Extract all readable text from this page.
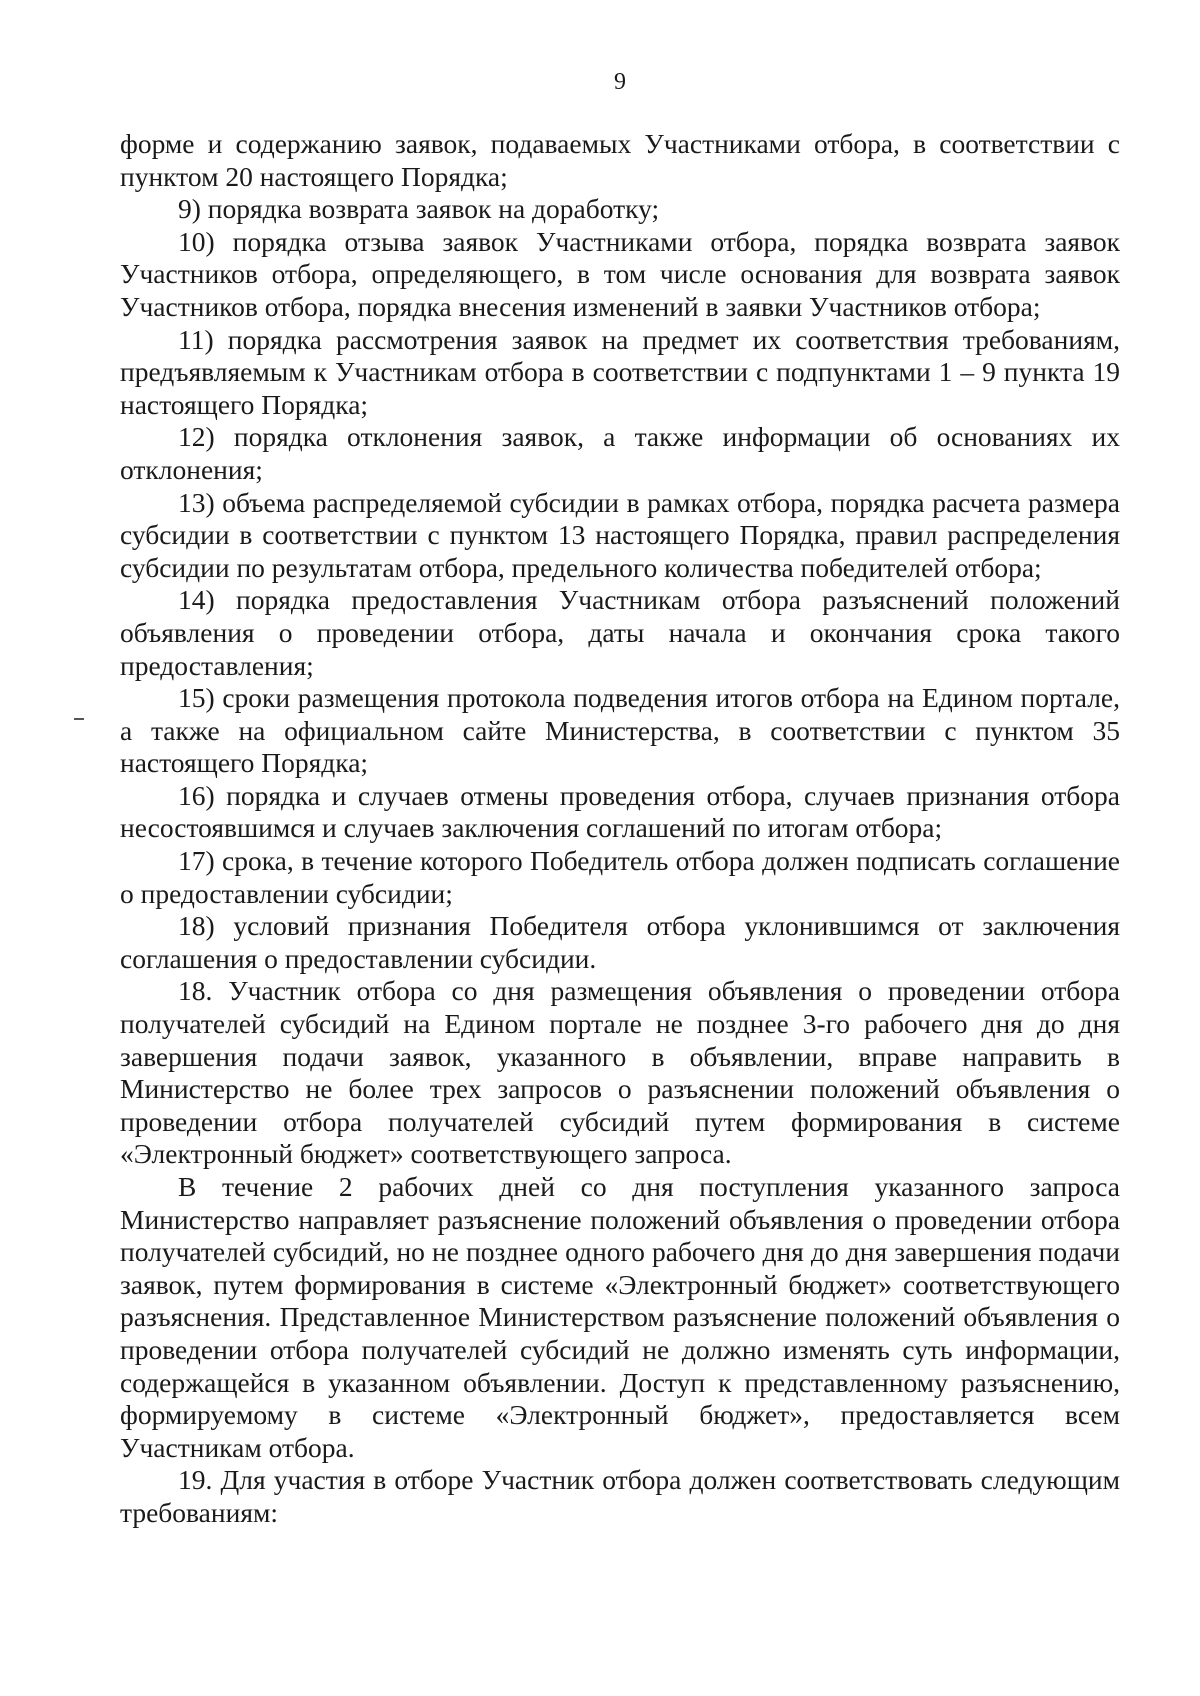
9

форме и содержанию заявок, подаваемых Участниками отбора, в соответствии с пунктом 20 настоящего Порядка;

9) порядка возврата заявок на доработку;

10) порядка отзыва заявок Участниками отбора, порядка возврата заявок Участников отбора, определяющего, в том числе основания для возврата заявок Участников отбора, порядка внесения изменений в заявки Участников отбора;

11) порядка рассмотрения заявок на предмет их соответствия требованиям, предъявляемым к Участникам отбора в соответствии с подпунктами 1 – 9 пункта 19 настоящего Порядка;

12) порядка отклонения заявок, а также информации об основаниях их отклонения;

13) объема распределяемой субсидии в рамках отбора, порядка расчета размера субсидии в соответствии с пунктом 13 настоящего Порядка, правил распределения субсидии по результатам отбора, предельного количества победителей отбора;

14) порядка предоставления Участникам отбора разъяснений положений объявления о проведении отбора, даты начала и окончания срока такого предоставления;

15) сроки размещения протокола подведения итогов отбора на Едином портале, а также на официальном сайте Министерства, в соответствии с пунктом 35 настоящего Порядка;

16) порядка и случаев отмены проведения отбора, случаев признания отбора несостоявшимся и случаев заключения соглашений по итогам отбора;

17) срока, в течение которого Победитель отбора должен подписать соглашение о предоставлении субсидии;

18) условий признания Победителя отбора уклонившимся от заключения соглашения о предоставлении субсидии.

18. Участник отбора со дня размещения объявления о проведении отбора получателей субсидий на Едином портале не позднее 3-го рабочего дня до дня завершения подачи заявок, указанного в объявлении, вправе направить в Министерство не более трех запросов о разъяснении положений объявления о проведении отбора получателей субсидий путем формирования в системе «Электронный бюджет» соответствующего запроса.

В течение 2 рабочих дней со дня поступления указанного запроса Министерство направляет разъяснение положений объявления о проведении отбора получателей субсидий, но не позднее одного рабочего дня до дня завершения подачи заявок, путем формирования в системе «Электронный бюджет» соответствующего разъяснения. Представленное Министерством разъяснение положений объявления о проведении отбора получателей субсидий не должно изменять суть информации, содержащейся в указанном объявлении. Доступ к представленному разъяснению, формируемому в системе «Электронный бюджет», предоставляется всем Участникам отбора.

19. Для участия в отборе Участник отбора должен соответствовать следующим требованиям:
